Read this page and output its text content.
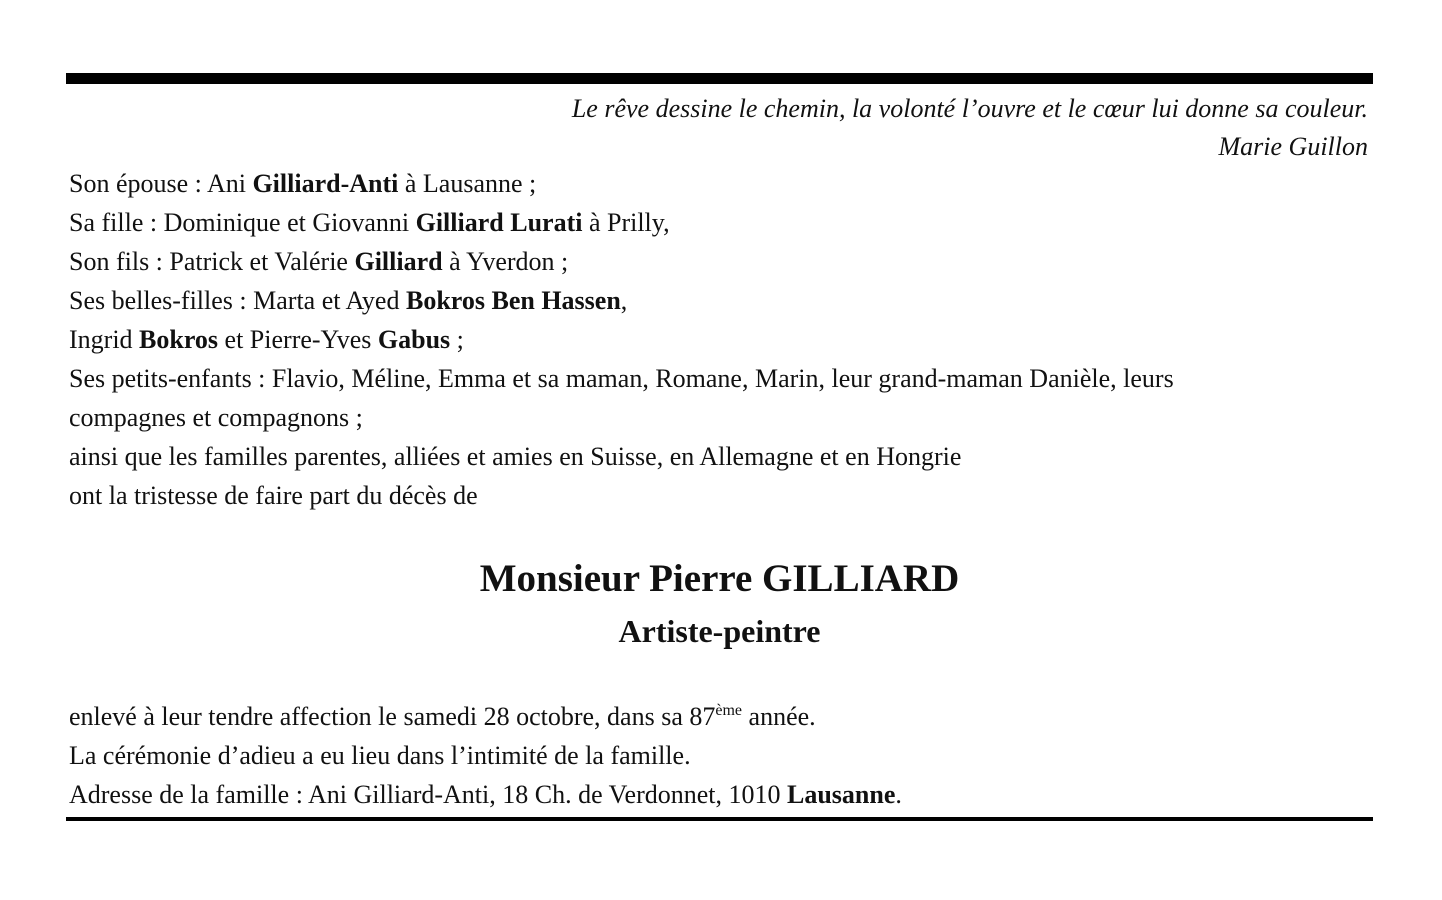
Le rêve dessine le chemin, la volonté l’ouvre et le cœur lui donne sa couleur.
Marie Guillon
Son épouse : Ani Gilliard-Anti à Lausanne ;
Sa fille : Dominique et Giovanni Gilliard Lurati à Prilly,
Son fils : Patrick et Valérie Gilliard à Yverdon ;
Ses belles-filles : Marta et Ayed Bokros Ben Hassen,
Ingrid Bokros et Pierre-Yves Gabus ;
Ses petits-enfants : Flavio, Méline, Emma et sa maman, Romane, Marin, leur grand-maman Danièle, leurs
compagnes et compagnons ;
ainsi que les familles parentes, alliées et amies en Suisse, en Allemagne et en Hongrie
ont la tristesse de faire part du décès de
Monsieur Pierre GILLIARD
Artiste-peintre
enlevé à leur tendre affection le samedi 28 octobre, dans sa 87ème année.
La cérémonie d’adieu a eu lieu dans l’intimité de la famille.
Adresse de la famille : Ani Gilliard-Anti, 18 Ch. de Verdonnet, 1010 Lausanne.
